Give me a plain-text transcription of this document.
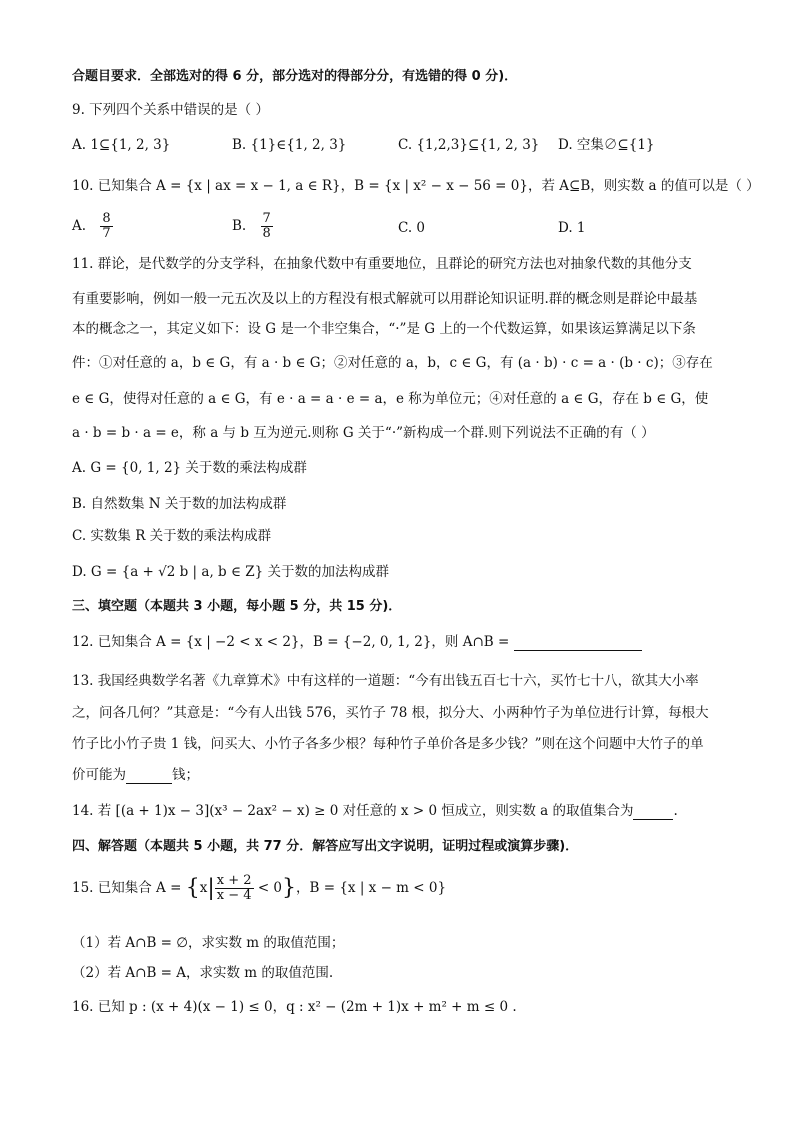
合题目要求．全部选对的得 6 分，部分选对的得部分分，有选错的得 0 分)．
9. 下列四个关系中错误的是（ ）
A. 1⊆{1, 2, 3}	B. {1}∈{1, 2, 3}	C. {1,2,3}⊆{1, 2, 3} D. 空集∅⊆{1}
10. 已知集合 A = {x | ax = x − 1, a ∈ R}，B = {x | x² − x − 56 = 0}，若 A⊆B，则实数 a 的值可以是（ ）
A. $\frac{8}{7}$	B. $\frac{7}{8}$	C. 0	D. 1
11. 群论，是代数学的分支学科，在抽象代数中有重要地位，且群论的研究方法也对抽象代数的其他分支
有重要影响，例如一般一元五次及以上的方程没有根式解就可以用群论知识证明.群的概念则是群论中最基
本的概念之一，其定义如下：设 G 是一个非空集合，“·”是 G 上的一个代数运算，如果该运算满足以下条
件：①对任意的 a，b ∈ G，有 a · b ∈ G；②对任意的 a，b，c ∈ G，有 (a · b) · c = a · (b · c)；③存在
e ∈ G，使得对任意的 a ∈ G，有 e · a = a · e = a，e 称为单位元；④对任意的 a ∈ G，存在 b ∈ G，使
a · b = b · a = e，称 a 与 b 互为逆元.则称 G 关于“·”新构成一个群.则下列说法不正确的有（ ）
A. G = {0, 1, 2} 关于数的乘法构成群
B. 自然数集 N 关于数的加法构成群
C. 实数集 R 关于数的乘法构成群
D. G = {a + √2 b | a, b ∈ Z} 关于数的加法构成群
三、填空题（本题共 3 小题，每小题 5 分，共 15 分)．
12. 已知集合 A = {x | −2 < x < 2}，B = {−2, 0, 1, 2}，则 A∩B =
13. 我国经典数学名著《九章算术》中有这样的一道题：“今有出钱五百七十六，买竹七十八，欲其大小率
之，问各几何？”其意是：“今有人出钱 576，买竹子 78 根，拟分大、小两种竹子为单位进行计算，每根大
竹子比小竹子贵 1 钱，问买大、小竹子各多少根？每种竹子单价各是多少钱？”则在这个问题中大竹子的单
价可能为	钱；
14. 若 [(a + 1)x − 3](x³ − 2ax² − x) ≥ 0 对任意的 x > 0 恒成立，则实数 a 的取值集合为	.
四、解答题（本题共 5 小题，共 77 分．解答应写出文字说明，证明过程或演算步骤)．
15. 已知集合 $A = \{x| \frac{x + 2}{x - 4} < 0\}$，B = {x | x − m < 0}
（1）若 A∩B = ∅，求实数 m 的取值范围；
（2）若 A∩B = A，求实数 m 的取值范围.
16. 已知 p : (x + 4)(x − 1) ≤ 0，q : x² − (2m + 1)x + m² + m ≤ 0 .
